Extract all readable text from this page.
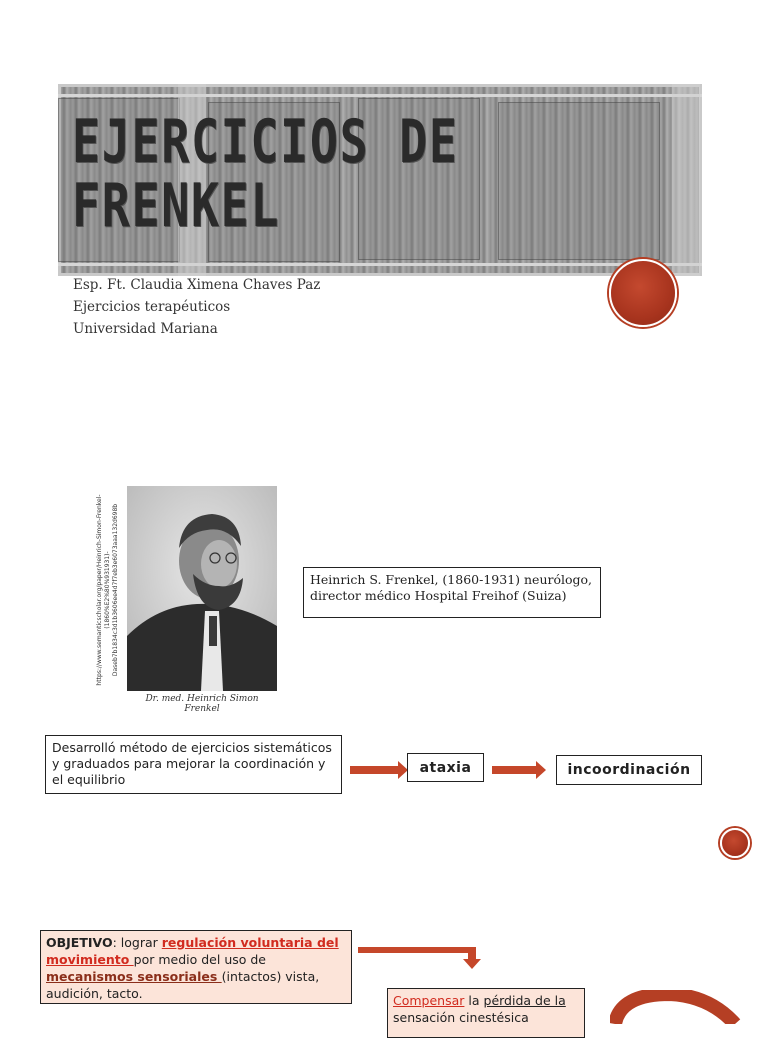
EJERCICIOS DE
FRENKEL
Esp. Ft. Claudia Ximena Chaves Paz
Ejercicios terapéuticos
Universidad Mariana
https://www.semanticscholar.org/paper/Heinrich-Simon-Frenkel-(1860%E2%80%931931)-Daseb7b1834c3d1b3606ee4d7f7eb3e6073aaa132d698b
Dr. med. Heinrich Simon Frenkel
Heinrich S. Frenkel, (1860-1931) neurólogo, director médico Hospital Freihof (Suiza)
Desarrolló método de ejercicios sistemáticos y graduados para mejorar la coordinación y el equilibrio
ataxia	incoordinación
OBJETIVO: lograr regulación voluntaria del movimiento por medio del uso de mecanismos sensoriales (intactos) vista, audición, tacto.	Compensar la pérdida de la sensación cinestésica
